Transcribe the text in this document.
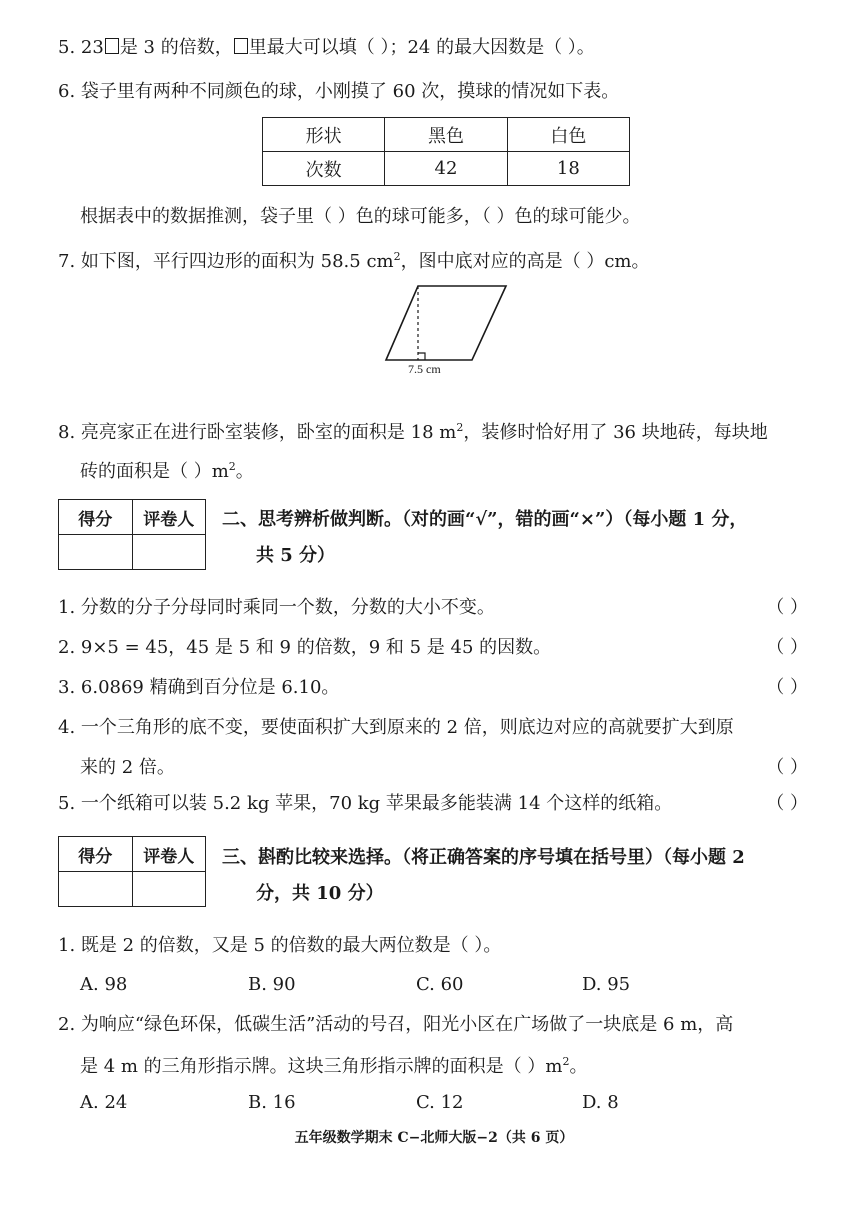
5. 23 是 3 的倍数， 里最大可以填（ ）；24 的最大因数是（ ）。
6. 袋子里有两种不同颜色的球，小刚摸了 60 次，摸球的情况如下表。
形状	黑色	白色
次数	42	18
根据表中的数据推测，袋子里（ ）色的球可能多，（ ）色的球可能少。
7. 如下图，平行四边形的面积为 58.5 $cm^2$，图中底对应的高是（ ）cm。
7.5 cm
8. 亮亮家正在进行卧室装修，卧室的面积是 18 $m^2$，装修时恰好用了 36 块地砖，每块地
砖的面积是（ ）$m^2$。
得分	评卷人
	二、思考辨析做判断。（对的画“√”，错的画“×”）（每小题 1 分，
共 5 分）
1. 分数的分子分母同时乘同一个数，分数的大小不变。	（ ）
2. 9×5 = 45，45 是 5 和 9 的倍数，9 和 5 是 45 的因数。	（ ）
3. 6.0869 精确到百分位是 6.10。	（ ）
4. 一个三角形的底不变，要使面积扩大到原来的 2 倍，则底边对应的高就要扩大到原
来的 2 倍。	（ ）
5. 一个纸箱可以装 5.2 kg 苹果，70 kg 苹果最多能装满 14 个这样的纸箱。	（ ）
得分	评卷人
	三、斟酌比较来选择。（将正确答案的序号填在括号里）（每小题 2
分，共 10 分）
1. 既是 2 的倍数，又是 5 的倍数的最大两位数是（ ）。
A. 98	B. 90	C. 60	D. 95
2. 为响应“绿色环保，低碳生活”活动的号召，阳光小区在广场做了一块底是 6 m，高
是 4 m 的三角形指示牌。这块三角形指示牌的面积是（ ）$m^2$。
A. 24	B. 16	C. 12	D. 8
五年级数学期末 C−北师大版−2（共 6 页）
